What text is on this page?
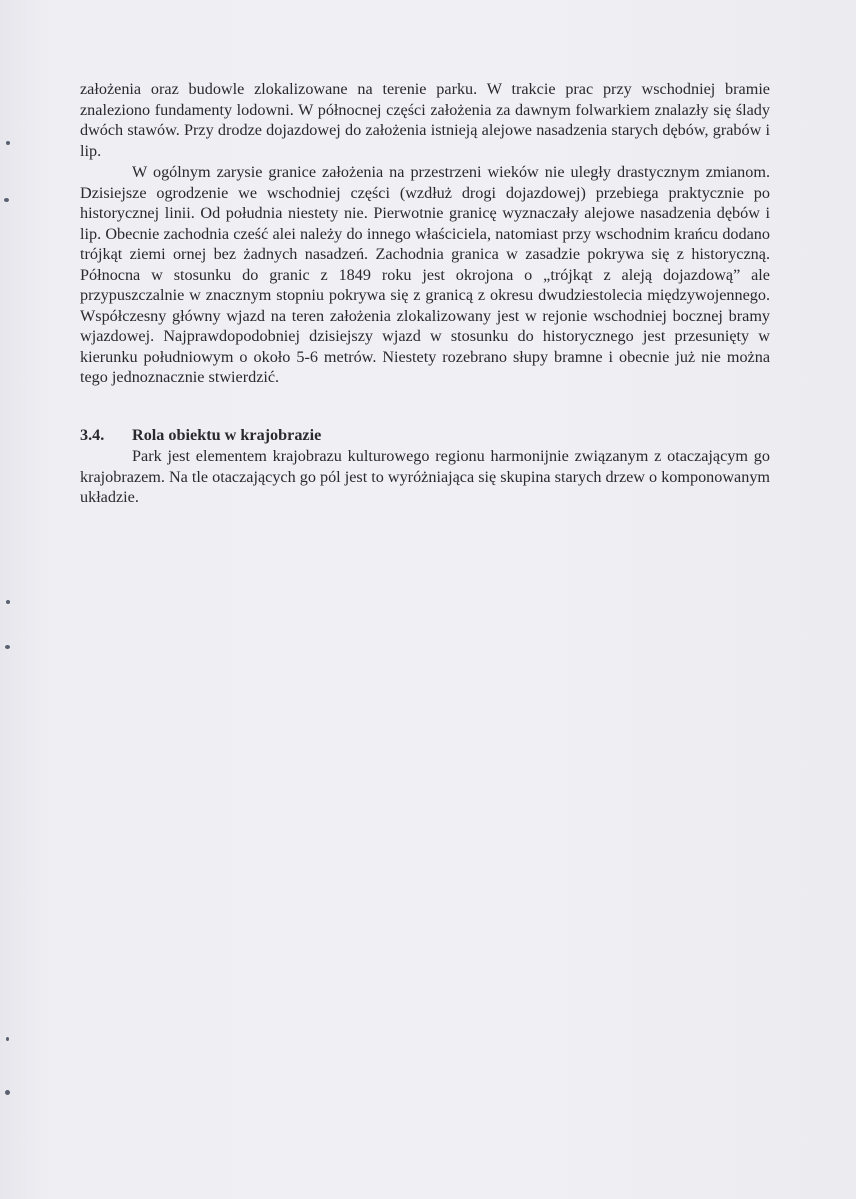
założenia oraz budowle zlokalizowane na terenie parku. W trakcie prac przy wschodniej bramie znaleziono fundamenty lodowni. W północnej części założenia za dawnym folwarkiem znalazły się ślady dwóch stawów. Przy drodze dojazdowej do założenia istnieją alejowe nasadzenia starych dębów, grabów i lip.

W ogólnym zarysie granice założenia na przestrzeni wieków nie uległy drastycznym zmianom. Dzisiejsze ogrodzenie we wschodniej części (wzdłuż drogi dojazdowej) przebiega praktycznie po historycznej linii. Od południa niestety nie. Pierwotnie granicę wyznaczały alejowe nasadzenia dębów i lip. Obecnie zachodnia cześć alei należy do innego właściciela, natomiast przy wschodnim krańcu dodano trójkąt ziemi ornej bez żadnych nasadzeń. Zachodnia granica w zasadzie pokrywa się z historyczną. Północna w stosunku do granic z 1849 roku jest okrojona o „trójkąt z aleją dojazdową” ale przypuszczalnie w znacznym stopniu pokrywa się z granicą z okresu dwudziestolecia międzywojennego. Współczesny główny wjazd na teren założenia zlokalizowany jest w rejonie wschodniej bocznej bramy wjazdowej. Najprawdopodobniej dzisiejszy wjazd w stosunku do historycznego jest przesunięty w kierunku południowym o około 5-6 metrów. Niestety rozebrano słupy bramne i obecnie już nie można tego jednoznacznie stwierdzić.

3.4. Rola obiektu w krajobrazie

Park jest elementem krajobrazu kulturowego regionu harmonijnie związanym z otaczającym go krajobrazem. Na tle otaczających go pól jest to wyróżniająca się skupina starych drzew o komponowanym układzie.
